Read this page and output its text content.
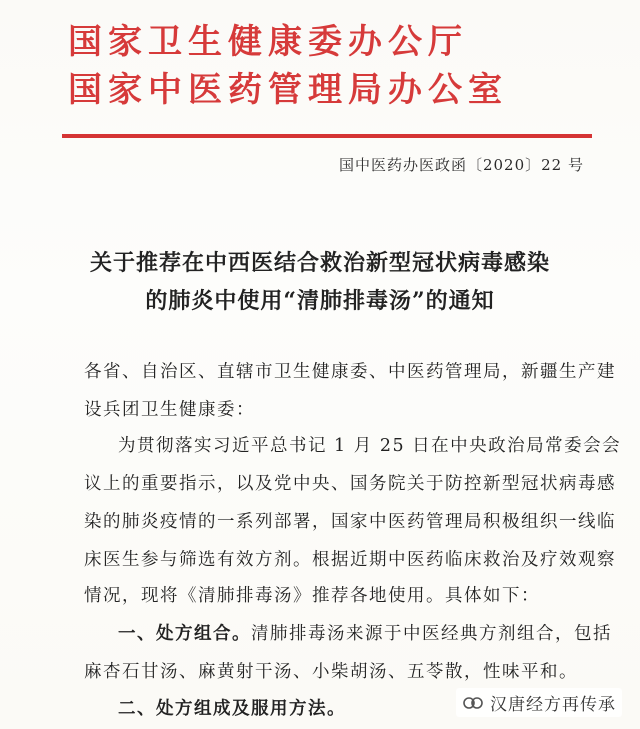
国家卫生健康委办公厅
国家中医药管理局办公室
国中医药办医政函〔2020〕22 号
关于推荐在中西医结合救治新型冠状病毒感染
的肺炎中使用“清肺排毒汤”的通知
各省、自治区、直辖市卫生健康委、中医药管理局，新疆生产建
设兵团卫生健康委：
为贯彻落实习近平总书记 1 月 25 日在中央政治局常委会会
议上的重要指示，以及党中央、国务院关于防控新型冠状病毒感
染的肺炎疫情的一系列部署，国家中医药管理局积极组织一线临
床医生参与筛选有效方剂。根据近期中医药临床救治及疗效观察
情况，现将《清肺排毒汤》推荐各地使用。具体如下：
一、处方组合。清肺排毒汤来源于中医经典方剂组合，包括
麻杏石甘汤、麻黄射干汤、小柴胡汤、五苓散，性味平和。
二、处方组成及服用方法。	汉唐经方再传承
